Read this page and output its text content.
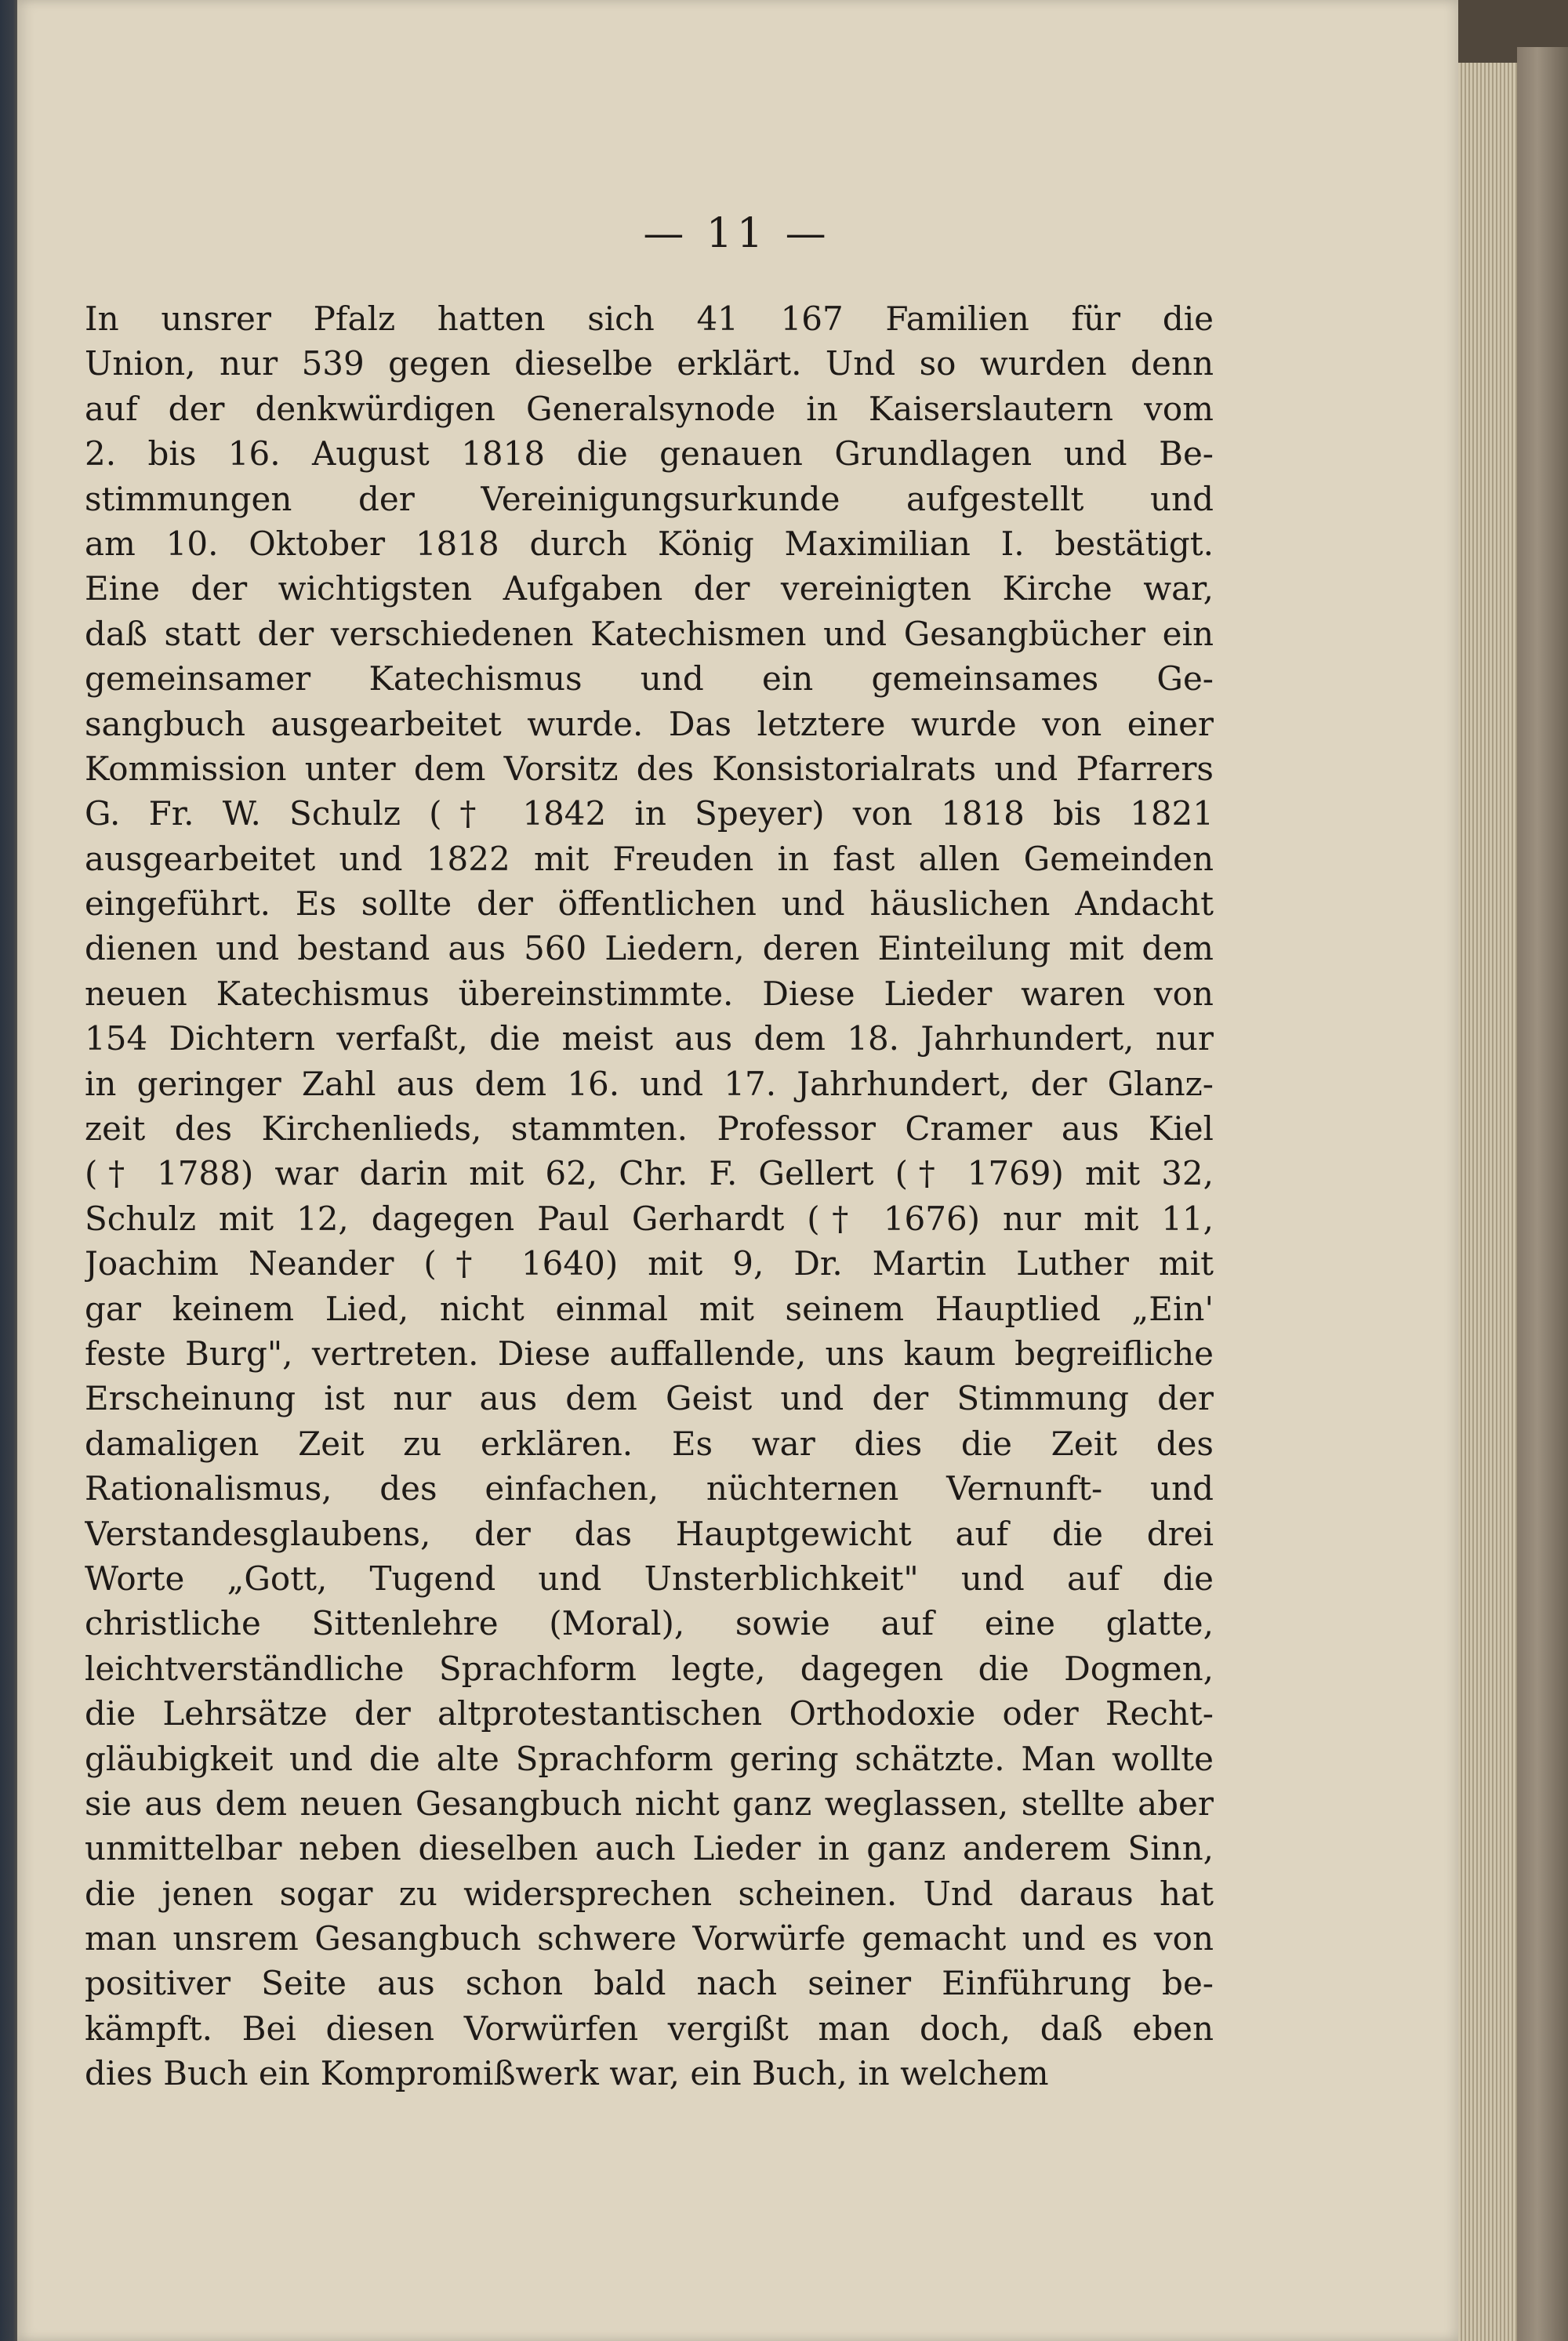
— 11 —
In unsrer Pfalz hatten sich 41 167 Familien für die
Union, nur 539 gegen dieselbe erklärt. Und so wurden denn
auf der denkwürdigen Generalsynode in Kaiserslautern vom
2. bis 16. August 1818 die genauen Grundlagen und Be-
stimmungen der Vereinigungsurkunde aufgestellt und
am 10. Oktober 1818 durch König Maximilian I. bestätigt.
Eine der wichtigsten Aufgaben der vereinigten Kirche war,
daß statt der verschiedenen Katechismen und Gesangbücher ein
gemeinsamer Katechismus und ein gemeinsames Ge-
sangbuch ausgearbeitet wurde. Das letztere wurde von einer
Kommission unter dem Vorsitz des Konsistorialrats und Pfarrers
G. Fr. W. Schulz († 1842 in Speyer) von 1818 bis 1821
ausgearbeitet und 1822 mit Freuden in fast allen Gemeinden
eingeführt. Es sollte der öffentlichen und häuslichen Andacht
dienen und bestand aus 560 Liedern, deren Einteilung mit dem
neuen Katechismus übereinstimmte. Diese Lieder waren von
154 Dichtern verfaßt, die meist aus dem 18. Jahrhundert, nur
in geringer Zahl aus dem 16. und 17. Jahrhundert, der Glanz-
zeit des Kirchenlieds, stammten. Professor Cramer aus Kiel
(† 1788) war darin mit 62, Chr. F. Gellert († 1769) mit 32,
Schulz mit 12, dagegen Paul Gerhardt († 1676) nur mit 11,
Joachim Neander († 1640) mit 9, Dr. Martin Luther mit
gar keinem Lied, nicht einmal mit seinem Hauptlied „Ein'
feste Burg", vertreten. Diese auffallende, uns kaum begreifliche
Erscheinung ist nur aus dem Geist und der Stimmung der
damaligen Zeit zu erklären. Es war dies die Zeit des
Rationalismus, des einfachen, nüchternen Vernunft- und
Verstandesglaubens, der das Hauptgewicht auf die drei
Worte „Gott, Tugend und Unsterblichkeit" und auf die
christliche Sittenlehre (Moral), sowie auf eine glatte,
leichtverständliche Sprachform legte, dagegen die Dogmen,
die Lehrsätze der altprotestantischen Orthodoxie oder Recht-
gläubigkeit und die alte Sprachform gering schätzte. Man wollte
sie aus dem neuen Gesangbuch nicht ganz weglassen, stellte aber
unmittelbar neben dieselben auch Lieder in ganz anderem Sinn,
die jenen sogar zu widersprechen scheinen. Und daraus hat
man unsrem Gesangbuch schwere Vorwürfe gemacht und es von
positiver Seite aus schon bald nach seiner Einführung be-
kämpft. Bei diesen Vorwürfen vergißt man doch, daß eben
dies Buch ein Kompromißwerk war, ein Buch, in welchem
